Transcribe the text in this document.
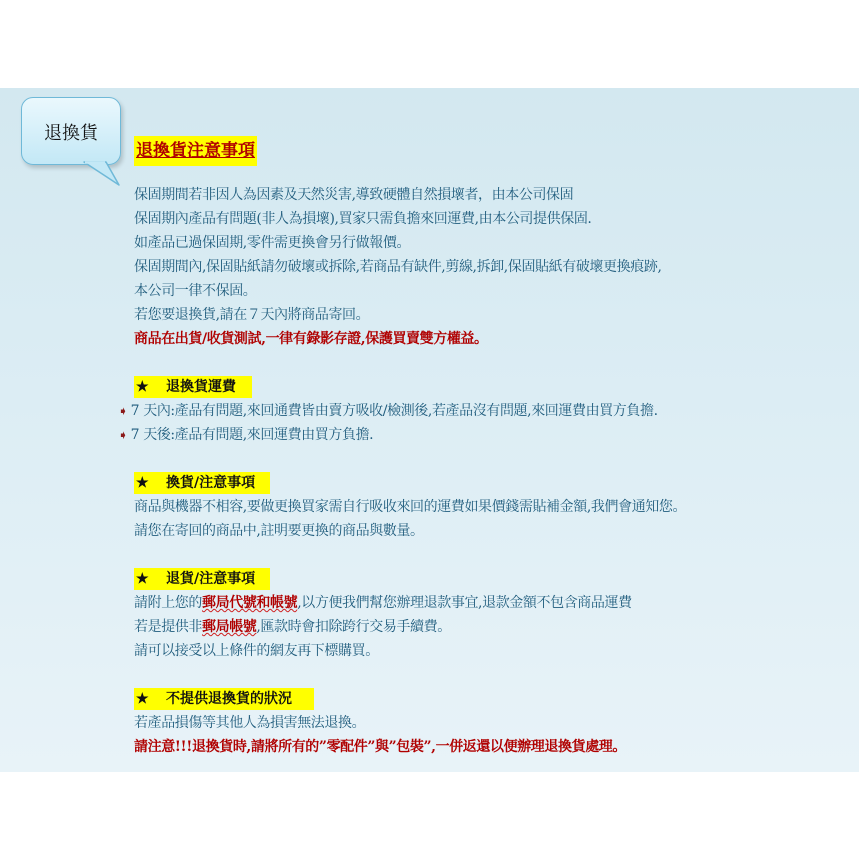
退換貨
退換貨注意事項
保固期間若非因人為因素及天然災害,導致硬體自然損壞者，由本公司保固
保固期內產品有問題(非人為損壞),買家只需負擔來回運費,由本公司提供保固.
如產品已過保固期,零件需更換會另行做報價。
保固期間內,保固貼紙請勿破壞或拆除,若商品有缺件,剪線,拆卸,保固貼紙有破壞更換痕跡,
本公司一律不保固。
若您要退換貨,請在７天內將商品寄回。
商品在出貨/收貨測試,一律有錄影存證,保護買賣雙方權益。
★ 退換貨運費
➧ 7 天內:產品有問題,來回通費皆由賣方吸收/檢測後,若產品沒有問題,來回運費由買方負擔.
➧ 7 天後:產品有問題,來回運費由買方負擔.
★ 換貨/注意事項
商品與機器不相容,要做更換買家需自行吸收來回的運費如果價錢需貼補金額,我們會通知您。
請您在寄回的商品中,註明要更換的商品與數量。
★ 退貨/注意事項
請附上您的郵局代號和帳號,以方便我們幫您辦理退款事宜,退款金額不包含商品運費
若是提供非郵局帳號,匯款時會扣除跨行交易手續費。
請可以接受以上條件的網友再下標購買。
★ 不提供退換貨的狀況
若產品損傷等其他人為損害無法退換。
請注意!!!退換貨時,請將所有的”零配件”與”包裝”,一併返還以便辦理退換貨處理。
